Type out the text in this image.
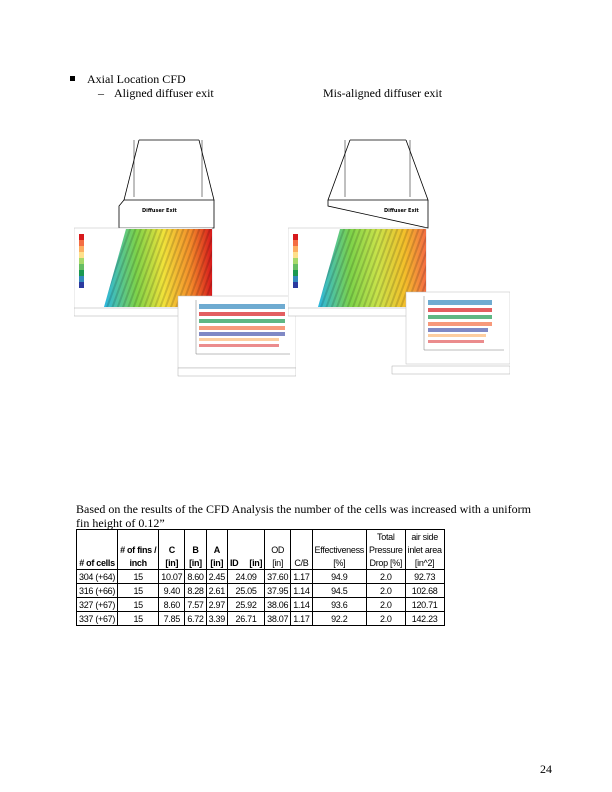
Axial Location CFD
– Aligned diffuser exit	Mis-aligned diffuser exit
Diffuser Exit	Diffuser Exit
Based on the results of the CFD Analysis the number of the cells was increased with a uniform fin height of 0.12”
									Total	air side
	# of fins /	C	B	A		OD		Effectiveness	Pressure	inlet area
# of cells	inch	[in]	[in]	[in]	ID     [in]	[in]	C/B	[%]	Drop [%]	[in^2]
304 (+64)	15	10.07	8.60	2.45	24.09	37.60	1.17	94.9	2.0	92.73
316 (+66)	15	9.40	8.28	2.61	25.05	37.95	1.14	94.5	2.0	102.68
327 (+67)	15	8.60	7.57	2.97	25.92	38.06	1.14	93.6	2.0	120.71
337 (+67)	15	7.85	6.72	3.39	26.71	38.07	1.17	92.2	2.0	142.23
24
